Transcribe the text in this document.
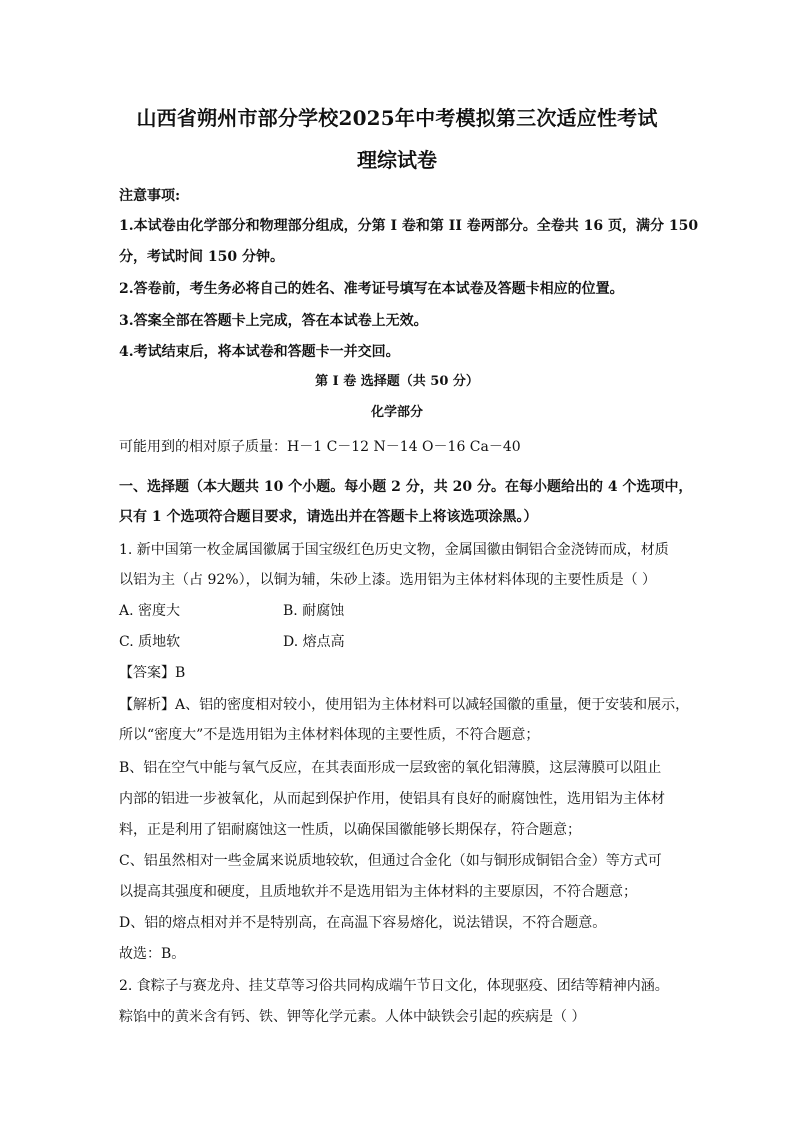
山西省朔州市部分学校2025年中考模拟第三次适应性考试
理综试卷
注意事项:
1.本试卷由化学部分和物理部分组成，分第 I 卷和第 II 卷两部分。全卷共 16 页，满分 150
分，考试时间 150 分钟。
2.答卷前，考生务必将自己的姓名、准考证号填写在本试卷及答题卡相应的位置。
3.答案全部在答题卡上完成，答在本试卷上无效。
4.考试结束后，将本试卷和答题卡一并交回。
第 I 卷 选择题（共 50 分）
化学部分
可能用到的相对原子质量：H－1 C－12 N－14 O－16 Ca－40
一、选择题（本大题共 10 个小题。每小题 2 分，共 20 分。在每小题给出的 4 个选项中，
只有 1 个选项符合题目要求，请选出并在答题卡上将该选项涂黑。）
1. 新中国第一枚金属国徽属于国宝级红色历史文物，金属国徽由铜铝合金浇铸而成，材质
以铝为主（占 92%），以铜为辅，朱砂上漆。选用铝为主体材料体现的主要性质是（ ）
A. 密度大	B. 耐腐蚀
C. 质地软	D. 熔点高
【答案】B
【解析】A、铝的密度相对较小，使用铝为主体材料可以减轻国徽的重量，便于安装和展示，
所以“密度大”不是选用铝为主体材料体现的主要性质，不符合题意；
B、铝在空气中能与氧气反应，在其表面形成一层致密的氧化铝薄膜，这层薄膜可以阻止
内部的铝进一步被氧化，从而起到保护作用，使铝具有良好的耐腐蚀性，选用铝为主体材
料，正是利用了铝耐腐蚀这一性质，以确保国徽能够长期保存，符合题意；
C、铝虽然相对一些金属来说质地较软，但通过合金化（如与铜形成铜铝合金）等方式可
以提高其强度和硬度，且质地软并不是选用铝为主体材料的主要原因，不符合题意；
D、铝的熔点相对并不是特别高，在高温下容易熔化，说法错误，不符合题意。
故选：B。
2. 食粽子与赛龙舟、挂艾草等习俗共同构成端午节日文化，体现驱疫、团结等精神内涵。
粽馅中的黄米含有钙、铁、钾等化学元素。人体中缺铁会引起的疾病是（ ）
